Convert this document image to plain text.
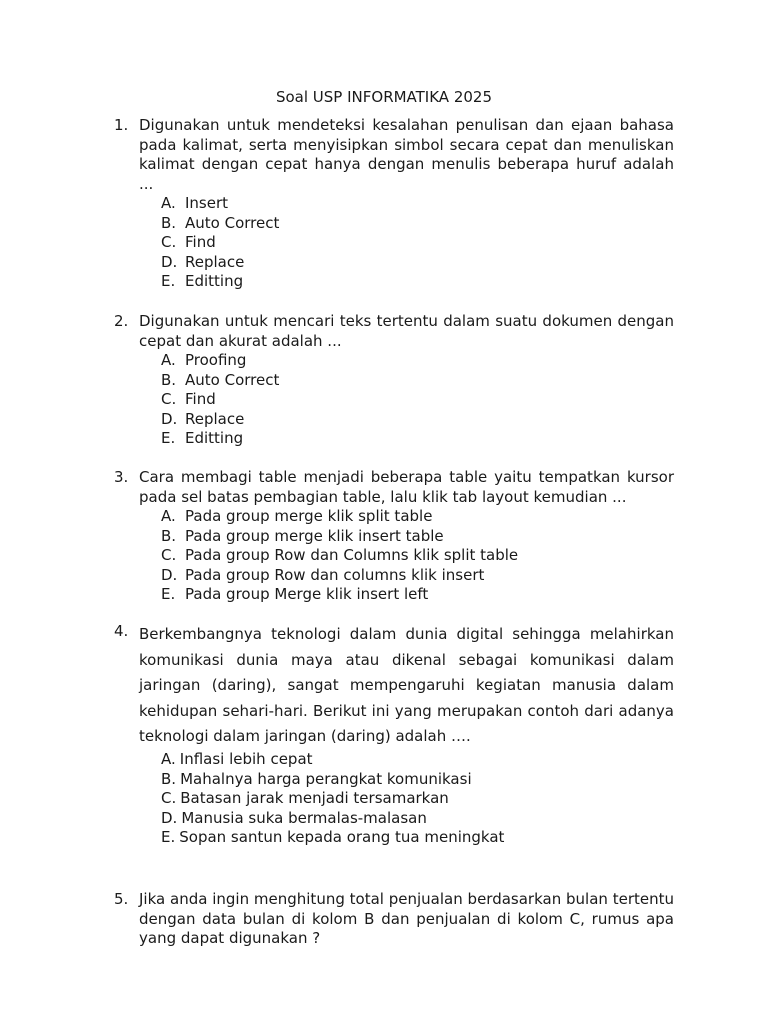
Soal USP INFORMATIKA 2025
1. Digunakan untuk mendeteksi kesalahan penulisan dan ejaan bahasa pada kalimat, serta menyisipkan simbol secara cepat dan menuliskan kalimat dengan cepat hanya dengan menulis beberapa huruf adalah ...
A. Insert
B. Auto Correct
C. Find
D. Replace
E. Editting
2. Digunakan untuk mencari teks tertentu dalam suatu dokumen dengan cepat dan akurat adalah ...
A. Proofing
B. Auto Correct
C. Find
D. Replace
E. Editting
3. Cara membagi table menjadi beberapa table yaitu tempatkan kursor pada sel batas pembagian table, lalu klik tab layout kemudian ...
A. Pada group merge klik split table
B. Pada group merge klik insert table
C. Pada group Row dan Columns klik split table
D. Pada group Row dan columns klik insert
E. Pada group Merge klik insert left
4. Berkembangnya teknologi dalam dunia digital sehingga melahirkan komunikasi dunia maya atau dikenal sebagai komunikasi dalam jaringan (daring), sangat mempengaruhi kegiatan manusia dalam kehidupan sehari-hari. Berikut ini yang merupakan contoh dari adanya teknologi dalam jaringan (daring) adalah ….
A. Inflasi lebih cepat
B. Mahalnya harga perangkat komunikasi
C. Batasan jarak menjadi tersamarkan
D. Manusia suka bermalas-malasan
E. Sopan santun kepada orang tua meningkat
5. Jika anda ingin menghitung total penjualan berdasarkan bulan tertentu dengan data bulan di kolom B dan penjualan di kolom C, rumus apa yang dapat digunakan ?
